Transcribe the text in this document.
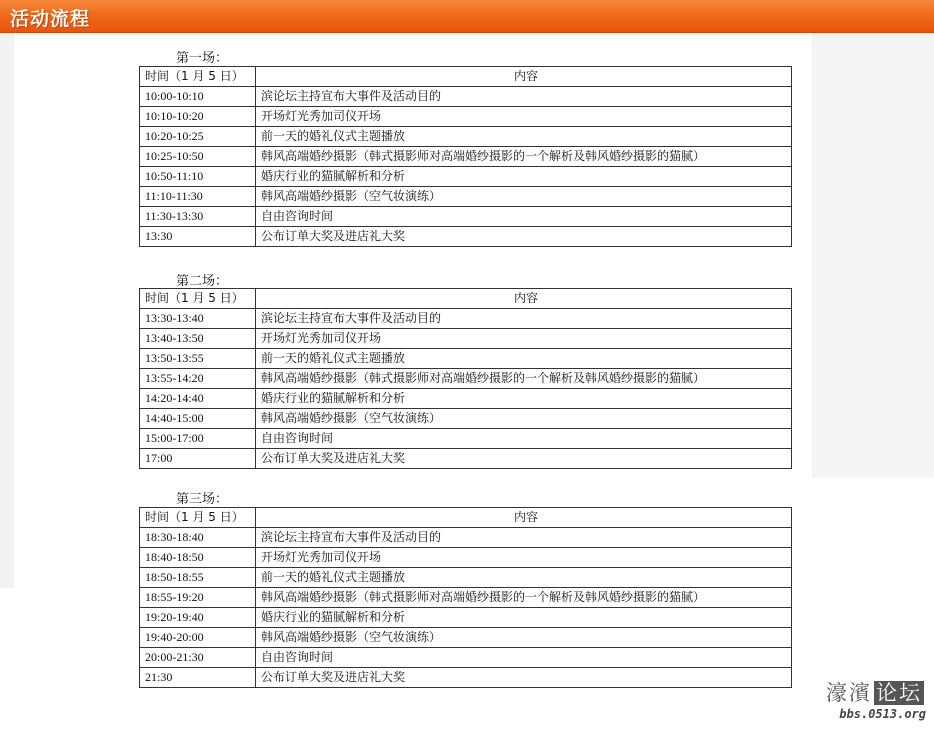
活动流程
第一场：
时间（1 月 5 日）	内容
10:00-10:10	滨论坛主持宣布大事件及活动目的
10:10-10:20	开场灯光秀加司仪开场
10:20-10:25	前一天的婚礼仪式主题播放
10:25-10:50	韩风高端婚纱摄影（韩式摄影师对高端婚纱摄影的一个解析及韩风婚纱摄影的猫腻）
10:50-11:10	婚庆行业的猫腻解析和分析
11:10-11:30	韩风高端婚纱摄影（空气妆演练）
11:30-13:30	自由咨询时间
13:30	公布订单大奖及进店礼大奖
第二场：
时间（1 月 5 日）	内容
13:30-13:40	滨论坛主持宣布大事件及活动目的
13:40-13:50	开场灯光秀加司仪开场
13:50-13:55	前一天的婚礼仪式主题播放
13:55-14:20	韩风高端婚纱摄影（韩式摄影师对高端婚纱摄影的一个解析及韩风婚纱摄影的猫腻）
14:20-14:40	婚庆行业的猫腻解析和分析
14:40-15:00	韩风高端婚纱摄影（空气妆演练）
15:00-17:00	自由咨询时间
17:00	公布订单大奖及进店礼大奖
第三场：
时间（1 月 5 日）	内容
18:30-18:40	滨论坛主持宣布大事件及活动目的
18:40-18:50	开场灯光秀加司仪开场
18:50-18:55	前一天的婚礼仪式主题播放
18:55-19:20	韩风高端婚纱摄影（韩式摄影师对高端婚纱摄影的一个解析及韩风婚纱摄影的猫腻）
19:20-19:40	婚庆行业的猫腻解析和分析
19:40-20:00	韩风高端婚纱摄影（空气妆演练）
20:00-21:30	自由咨询时间
21:30	公布订单大奖及进店礼大奖
濠濱 论坛
bbs.0513.org
